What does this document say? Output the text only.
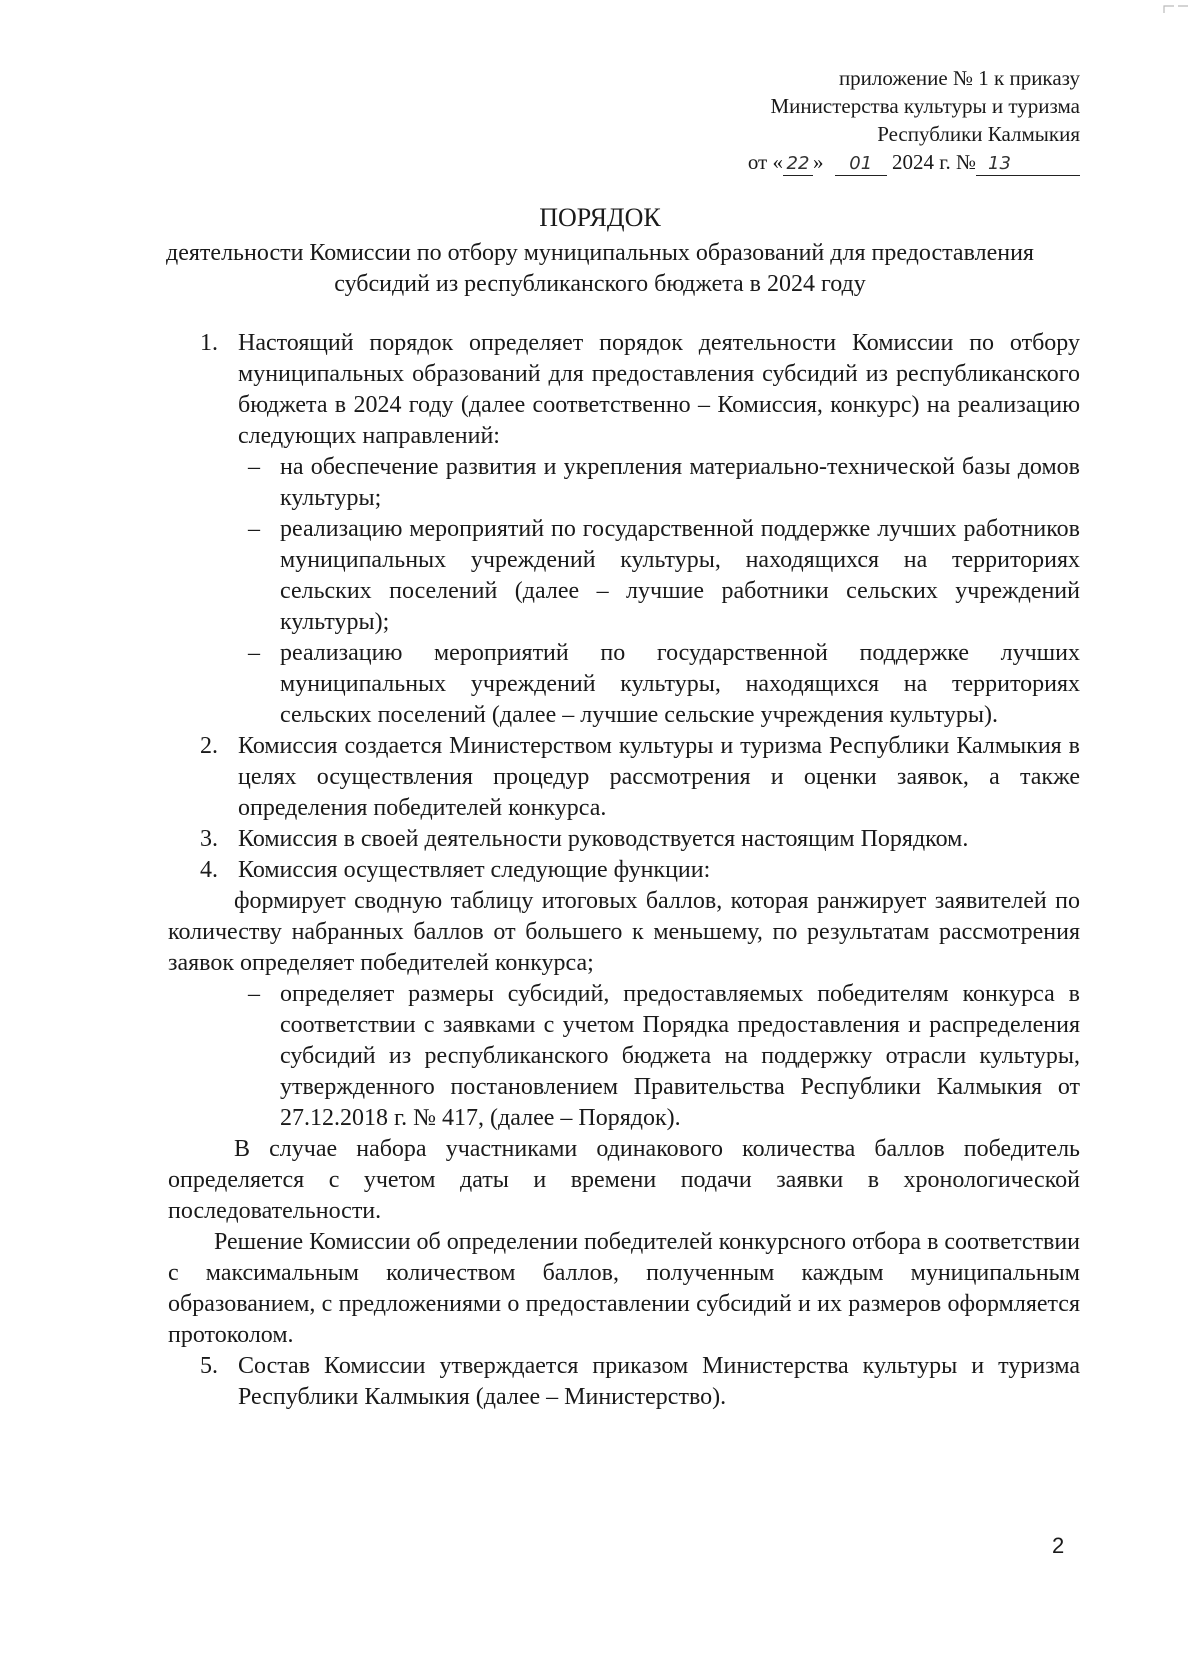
приложение № 1 к приказу
Министерства культуры и туризма
Республики Калмыкия
от « 22 » 01 2024 г. № 13
ПОРЯДОК
деятельности Комиссии по отбору муниципальных образований для предоставления субсидий из республиканского бюджета в 2024 году

1. Настоящий порядок определяет порядок деятельности Комиссии по отбору муниципальных образований для предоставления субсидий из республиканского бюджета в 2024 году (далее соответственно – Комиссия, конкурс) на реализацию следующих направлений:

– на обеспечение развития и укрепления материально-технической базы домов культуры;

– реализацию мероприятий по государственной поддержке лучших работников муниципальных учреждений культуры, находящихся на территориях сельских поселений (далее – лучшие работники сельских учреждений культуры);

– реализацию мероприятий по государственной поддержке лучших муниципальных учреждений культуры, находящихся на территориях сельских поселений (далее – лучшие сельские учреждения культуры).

2. Комиссия создается Министерством культуры и туризма Республики Калмыкия в целях осуществления процедур рассмотрения и оценки заявок, а также определения победителей конкурса.

3. Комиссия в своей деятельности руководствуется настоящим Порядком.

4. Комиссия осуществляет следующие функции:

формирует сводную таблицу итоговых баллов, которая ранжирует заявителей по количеству набранных баллов от большего к меньшему, по результатам рассмотрения заявок определяет победителей конкурса;

– определяет размеры субсидий, предоставляемых победителям конкурса в соответствии с заявками с учетом Порядка предоставления и распределения субсидий из республиканского бюджета на поддержку отрасли культуры, утвержденного постановлением Правительства Республики Калмыкия от 27.12.2018 г. № 417, (далее – Порядок).

В случае набора участниками одинакового количества баллов победитель определяется с учетом даты и времени подачи заявки в хронологической последовательности.

Решение Комиссии об определении победителей конкурсного отбора в соответствии с максимальным количеством баллов, полученным каждым муниципальным образованием, с предложениями о предоставлении субсидий и их размеров оформляется протоколом.

5. Состав Комиссии утверждается приказом Министерства культуры и туризма Республики Калмыкия (далее – Министерство).

2
